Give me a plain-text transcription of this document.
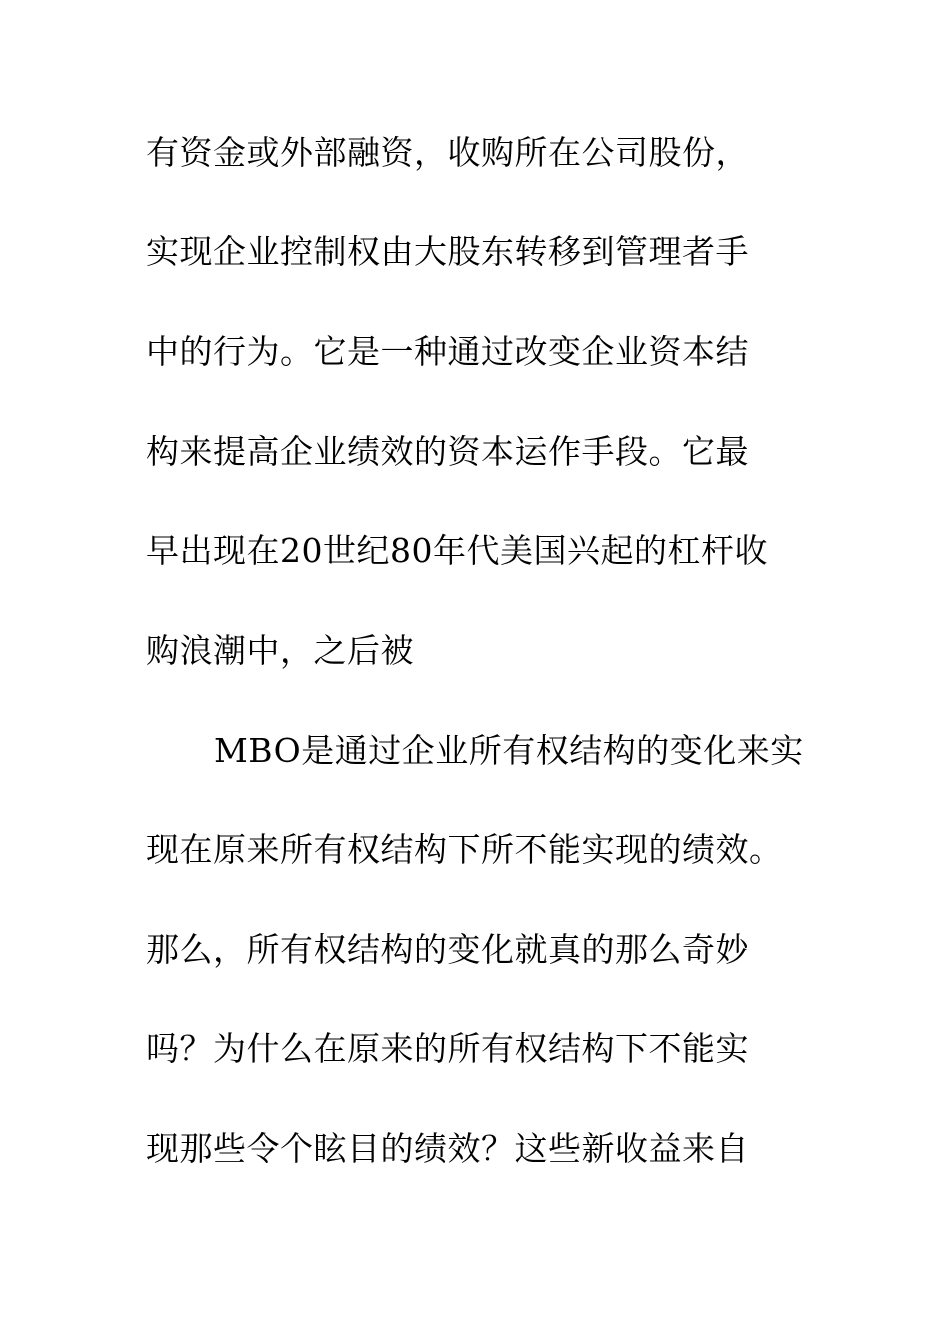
有资金或外部融资，收购所在公司股份，
实现企业控制权由大股东转移到管理者手
中的行为。它是一种通过改变企业资本结
构来提高企业绩效的资本运作手段。它最
早出现在20世纪80年代美国兴起的杠杆收
购浪潮中，之后被
MBO是通过企业所有权结构的变化来实
现在原来所有权结构下所不能实现的绩效。
那么，所有权结构的变化就真的那么奇妙
吗？为什么在原来的所有权结构下不能实
现那些令个眩目的绩效？这些新收益来自
